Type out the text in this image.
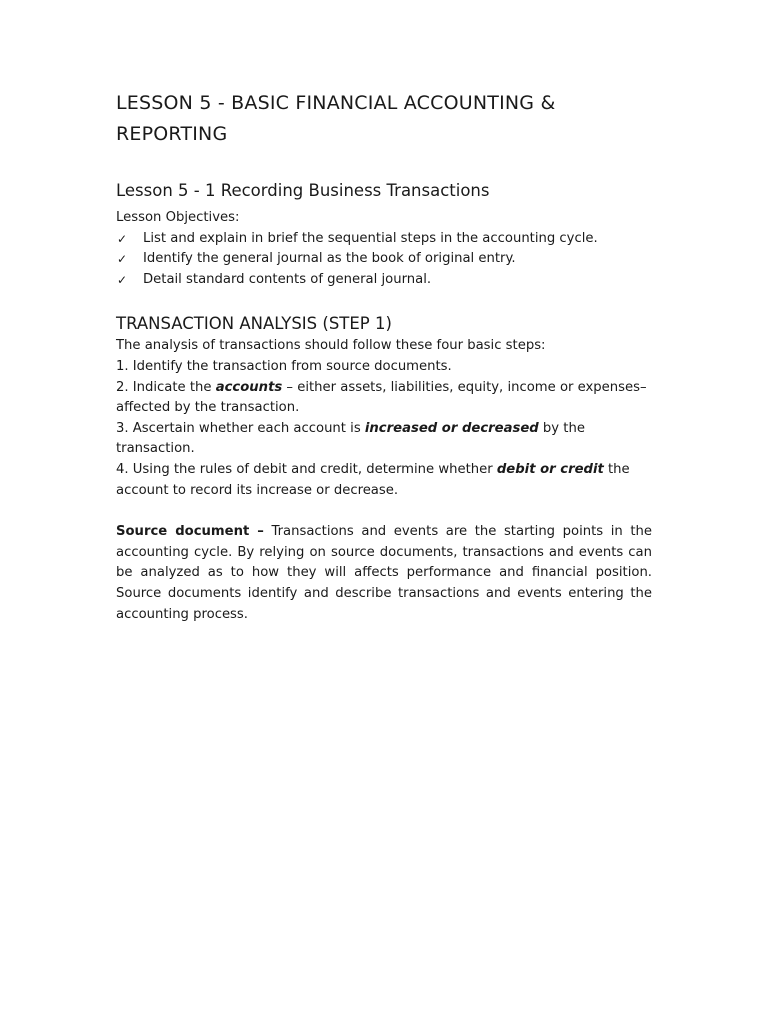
LESSON 5 - BASIC FINANCIAL ACCOUNTING & REPORTING
Lesson 5 - 1 Recording Business Transactions

Lesson Objectives:

✓ List and explain in brief the sequential steps in the accounting cycle.
✓ Identify the general journal as the book of original entry.
✓ Detail standard contents of general journal.
TRANSACTION ANALYSIS (STEP 1)

The analysis of transactions should follow these four basic steps:

1. Identify the transaction from source documents.

2. Indicate the accounts – either assets, liabilities, equity, income or expenses– affected by the transaction.

3. Ascertain whether each account is increased or decreased by the transaction.

4. Using the rules of debit and credit, determine whether debit or credit the account to record its increase or decrease.

Source document – Transactions and events are the starting points in the accounting cycle. By relying on source documents, transactions and events can be analyzed as to how they will affects performance and financial position. Source documents identify and describe transactions and events entering the accounting process.
